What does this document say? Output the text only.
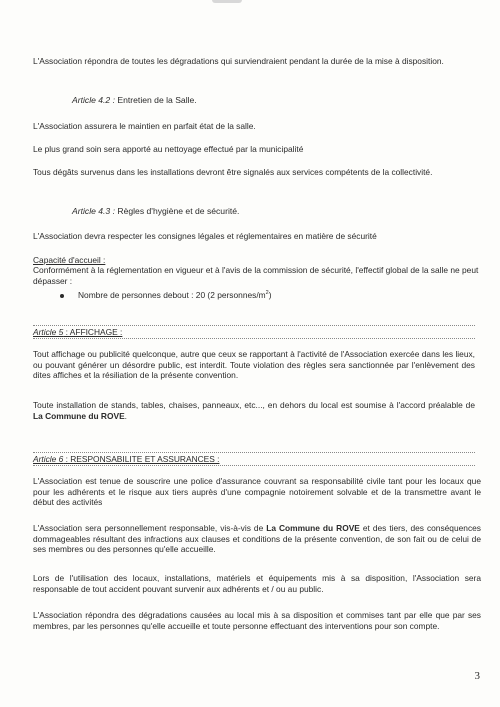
L'Association répondra de toutes les dégradations qui surviendraient pendant la durée de la mise à disposition.

Article 4.2 : Entretien de la Salle.

L'Association assurera le maintien en parfait état de la salle.

Le plus grand soin sera apporté au nettoyage effectué par la municipalité

Tous dégâts survenus dans les installations devront être signalés aux services compétents de la collectivité.

Article 4.3 : Règles d'hygiène et de sécurité.

L'Association devra respecter les consignes légales et réglementaires en matière de sécurité

Capacité d'accueil :

Conformément à la réglementation en vigueur et à l'avis de la commission de sécurité, l'effectif global de la salle ne peut dépasser :

Nombre de personnes debout : 20 (2 personnes/$m^2$)
Article 5 : AFFICHAGE :

Tout affichage ou publicité quelconque, autre que ceux se rapportant à l'activité de l'Association exercée dans les lieux, ou pouvant générer un désordre public, est interdit. Toute violation des règles sera sanctionnée par l'enlèvement des dites affiches et la résiliation de la présente convention.

Toute installation de stands, tables, chaises, panneaux, etc..., en dehors du local est soumise à l'accord préalable de La Commune du ROVE.

Article 6 : RESPONSABILITE ET ASSURANCES :

L'Association est tenue de souscrire une police d'assurance couvrant sa responsabilité civile tant pour les locaux que pour les adhérents et le risque aux tiers auprès d'une compagnie notoirement solvable et de la transmettre avant le début des activités

L'Association sera personnellement responsable, vis-à-vis de La Commune du ROVE et des tiers, des conséquences dommageables résultant des infractions aux clauses et conditions de la présente convention, de son fait ou de celui de ses membres ou des personnes qu'elle accueille.

Lors de l'utilisation des locaux, installations, matériels et équipements mis à sa disposition, l'Association sera responsable de tout accident pouvant survenir aux adhérents et / ou au public.

L'Association répondra des dégradations causées au local mis à sa disposition et commises tant par elle que par ses membres, par les personnes qu'elle accueille et toute personne effectuant des interventions pour son compte.

3
